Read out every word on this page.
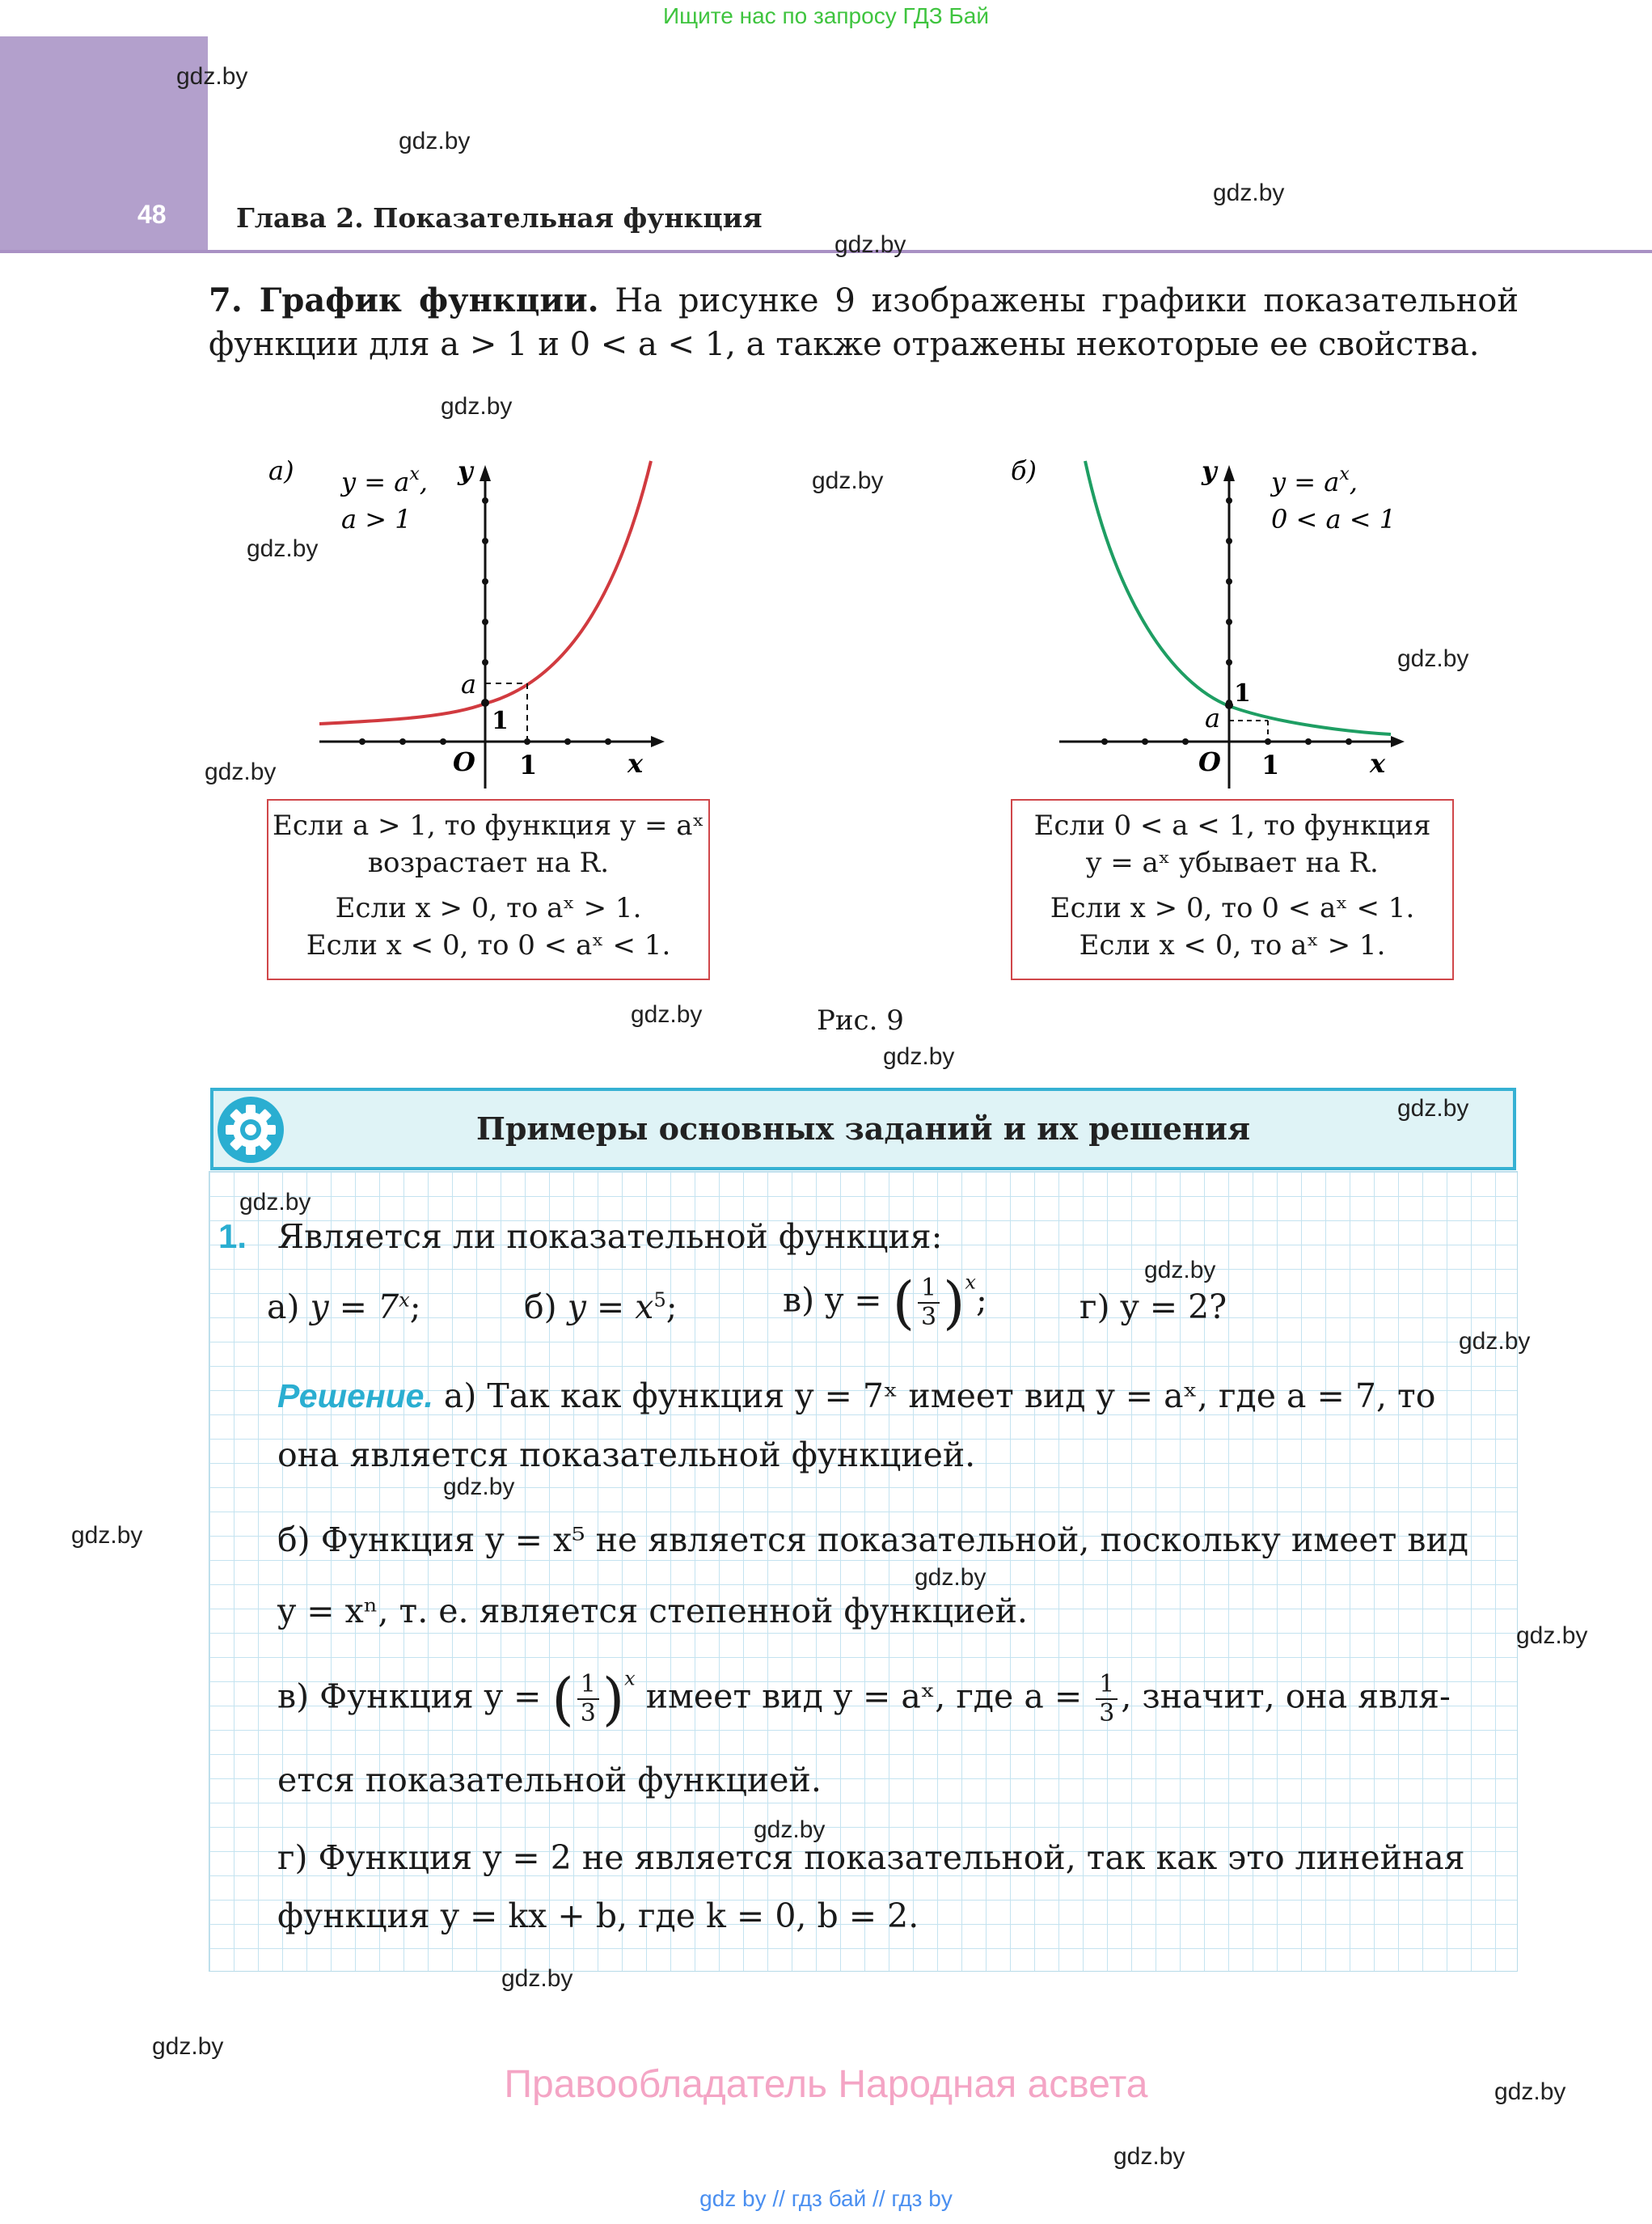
Ищите нас по запросу ГДЗ Бай
48	Глава 2. Показательная функция
7. График функции. На рисунке 9 изображены графики показательной функции для a > 1 и 0 < a < 1, а также отражены некоторые ее свойства.
а) $y = a^x$,
a > 1
y
x
O 1
1
a
б)	$y = a^x$,
0 < a < 1
y
x
O 1
1
a
Если a > 1, то функция y = aˣ
возрастает на R.
Если x > 0, то aˣ > 1.
Если x < 0, то 0 < aˣ < 1.
Если 0 < a < 1, то функция
y = aˣ убывает на R.
Если x > 0, то 0 < aˣ < 1.
Если x < 0, то aˣ > 1.
Рис. 9
Примеры основных заданий и их решения
1. Является ли показательной функция:
а) $y = 7^x$;	б) $y = x^5$;	в) y = ( $\frac{1}{3} )^x$;	г) y = 2?
Решение. а) Так как функция y = 7ˣ имеет вид y = aˣ, где a = 7, то
она является показательной функцией.
б) Функция y = x⁵ не является показательной, поскольку имеет вид
y = xⁿ, т. е. является степенной функцией.
в) Функция y = ( $\frac{1}{3} )^x$ имеет вид y = aˣ, где $a = \frac{1}{3}$ , значит, она явля-
ется показательной функцией.
г) Функция y = 2 не является показательной, так как это линейная
функция y = kx + b, где k = 0, b = 2.
gdz.by
gdz.by
gdz.by
gdz.by
gdz.by
gdz.by
gdz.by
gdz.by
gdz.by
gdz.by
gdz.by
gdz.by
gdz.by
gdz.by
gdz.by
gdz.by
gdz.by
gdz.by
gdz.by
gdz.by
gdz.by
gdz.by
gdz.by
gdz.by
Правообладатель Народная асвета
gdz by // гдз бай // гдз by
